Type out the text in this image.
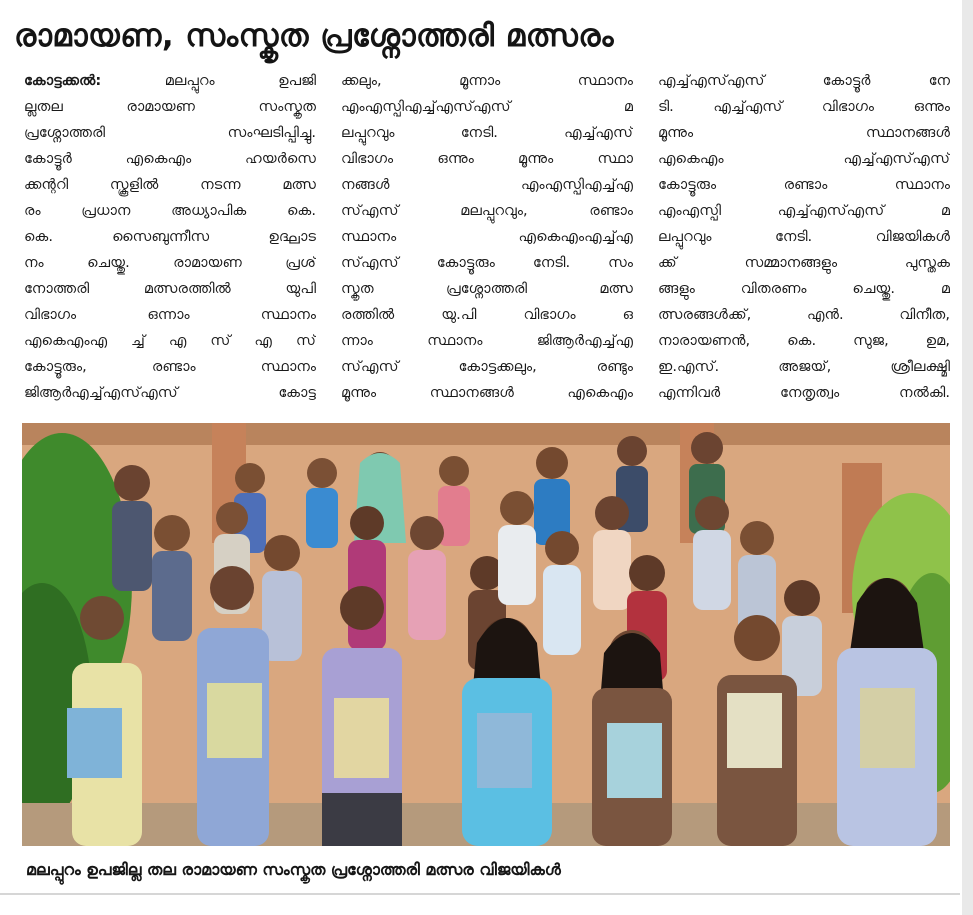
രാമായണ, സംസ്കൃത പ്രശ്നോത്തരി മത്സരം
കോട്ടക്കൽ:	മലപ്പുറം ഉപജി
ല്ലതല രാമായണ സംസ്കൃത
പ്രശ്നോത്തരി സംഘടിപ്പിച്ചു.
കോട്ടൂർ എകെഎം ഹയർസെ
ക്കന്ററി സ്കൂളിൽ നടന്ന മത്സ
രം പ്രധാന അധ്യാപിക കെ.
കെ. സൈബുന്നീസ ഉദ്ഘാട
നം ചെയ്തു. രാമായണ പ്രശ്
നോത്തരി മത്സരത്തിൽ യുപി
വിഭാഗം ഒന്നാം സ്ഥാനം
എകെഎംഎ ച്ച് എ സ് എ സ്
കോട്ടൂരും, രണ്ടാം സ്ഥാനം
ജിആർഎച്ച്എസ്എസ് കോട്ട
ക്കലും, മൂന്നാം സ്ഥാനം
എംഎസ്പിഎച്ച്എസ്എസ് മ
ലപ്പുറവും നേടി. എച്ച്എസ്
വിഭാഗം ഒന്നും മൂന്നും സ്ഥാ
നങ്ങൾ എംഎസ്പിഎച്ച്എ
സ്എസ് മലപ്പുറവും, രണ്ടാം
സ്ഥാനം എകെഎംഎച്ച്എ
സ്എസ് കോട്ടൂരും നേടി. സം
സ്കൃത പ്രശ്നോത്തരി മത്സ
രത്തിൽ യു.പി വിഭാഗം ഒ
ന്നാം സ്ഥാനം ജിആർഎച്ച്എ
സ്എസ് കോട്ടക്കലും, രണ്ടും
മൂന്നും സ്ഥാനങ്ങൾ എകെഎം
എച്ച്എസ്എസ് കോട്ടൂർ നേ
ടി. എച്ച്എസ് വിഭാഗം ഒന്നും
മൂന്നും സ്ഥാനങ്ങൾ
എകെഎം എച്ച്എസ്എസ്
കോട്ടൂരും രണ്ടാം സ്ഥാനം
എംഎസ്പി എച്ച്എസ്എസ് മ
ലപ്പുറവും നേടി. വിജയികൾ
ക്ക് സമ്മാനങ്ങളും പുസ്തക
ങ്ങളും വിതരണം ചെയ്തു. മ
ത്സരങ്ങൾക്ക്, എൻ. വിനീത,
നാരായണൻ, കെ. സുജ, ഉമ,
ഇ.എസ്. അജയ്, ശ്രീലക്ഷ്മി
എന്നിവർ നേതൃത്വം നൽകി.
മലപ്പുറം ഉപജില്ല തല രാമായണ സംസ്കൃത പ്രശ്നോത്തരി മത്സര വിജയികൾ
